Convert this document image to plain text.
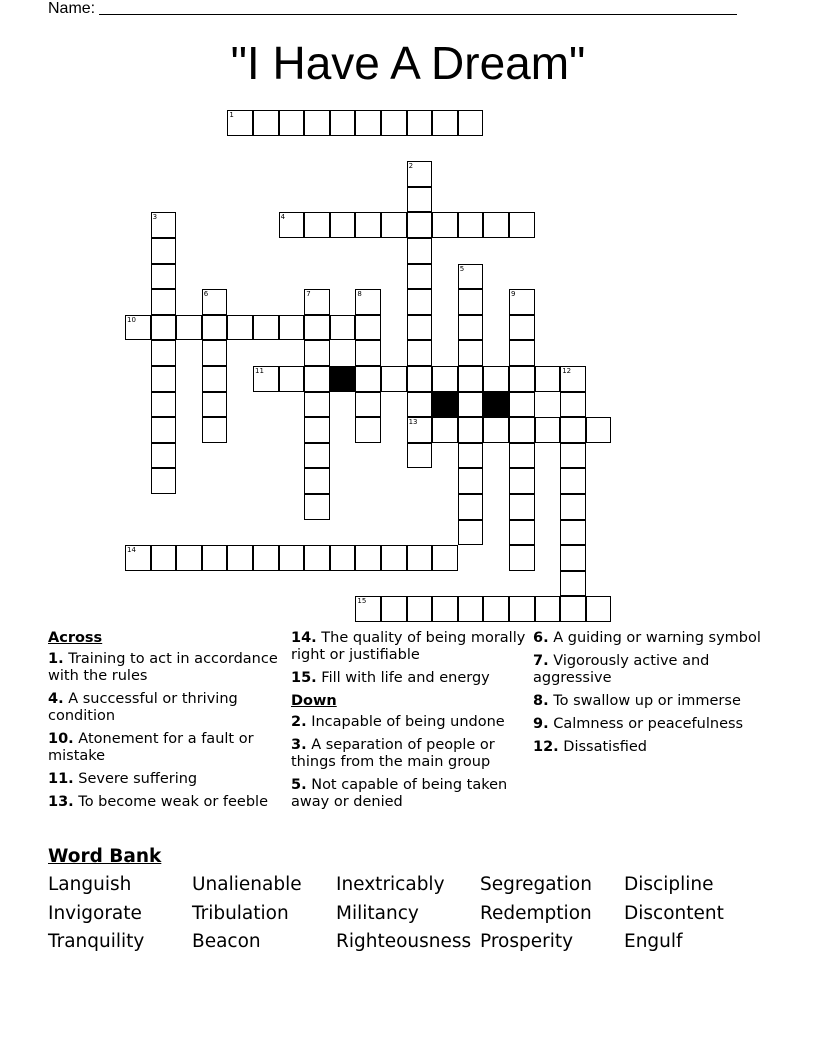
Name:
"I Have A Dream"
1
4
10
11
13
14
15
2
3
5
6	7	8	9
12
Across
1. Training to act in accordance with the rules
4. A successful or thriving condition
10. Atonement for a fault or mistake
11. Severe suffering
13. To become weak or feeble
14. The quality of being morally right or justifiable
15. Fill with life and energy
Down
2. Incapable of being undone
3. A separation of people or things from the main group
5. Not capable of being taken away or denied
6. A guiding or warning symbol
7. Vigorously active and aggressive
8. To swallow up or immerse
9. Calmness or peacefulness
12. Dissatisfied
Word Bank
Languish	Unalienable Inextricably Segregation Discipline
Invigorate	Tribulation	Militancy	Redemption Discontent
Tranquility	Beacon	Righteousness Prosperity	Engulf
